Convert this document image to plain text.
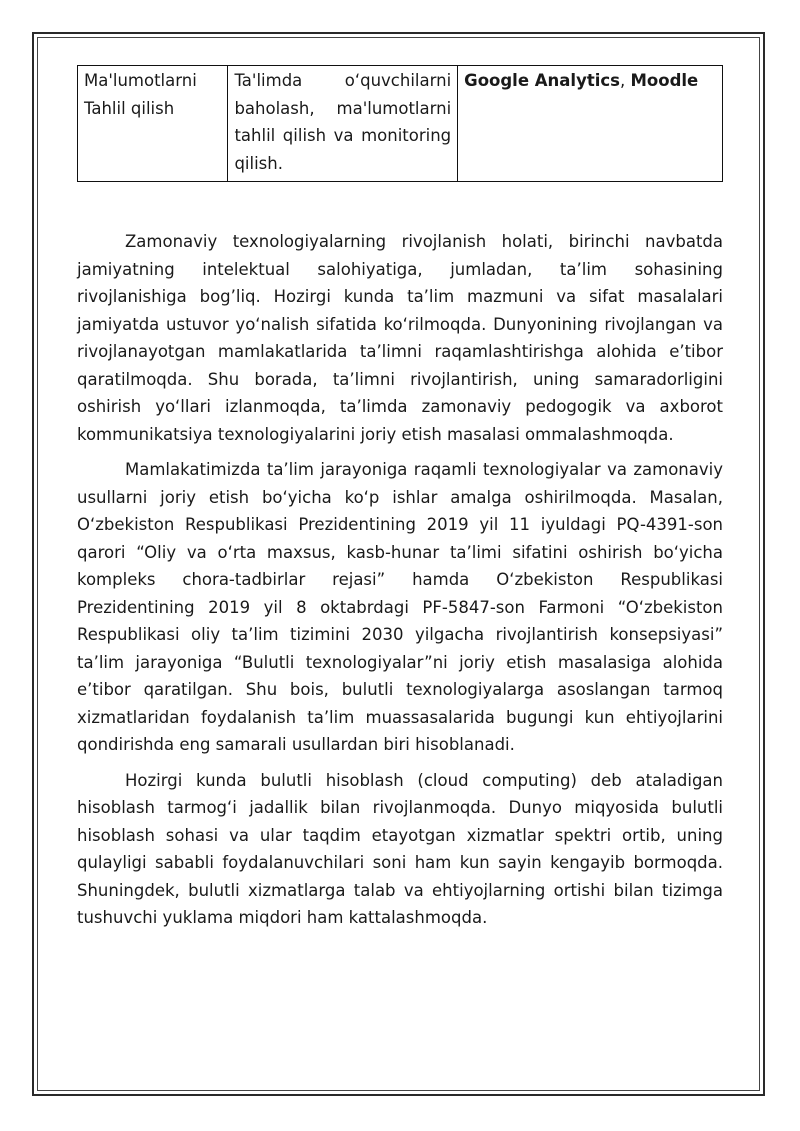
Ma'lumotlarni Tahlil qilish	Ta'limda o‘quvchilarni baholash, ma'lumotlarni tahlil qilish va monitoring qilish.	Google Analytics, Moodle

Zamonaviy texnologiyalarning rivojlanish holati, birinchi navbatda jamiyatning intelektual salohiyatiga, jumladan, ta’lim sohasining rivojlanishiga bog’liq. Hozirgi kunda ta’lim mazmuni va sifat masalalari jamiyatda ustuvor yo‘nalish sifatida ko‘rilmoqda. Dunyonining rivojlangan va rivojlanayotgan mamlakatlarida ta’limni raqamlashtirishga alohida e’tibor qaratilmoqda. Shu borada, ta’limni rivojlantirish, uning samaradorligini oshirish yo‘llari izlanmoqda, ta’limda zamonaviy pedogogik va axborot kommunikatsiya texnologiyalarini joriy etish masalasi ommalashmoqda.

Mamlakatimizda ta’lim jarayoniga raqamli texnologiyalar va zamonaviy usullarni joriy etish bo‘yicha ko‘p ishlar amalga oshirilmoqda. Masalan, O‘zbekiston Respublikasi Prezidentining 2019 yil 11 iyuldagi PQ-4391-son qarori “Oliy va o‘rta maxsus, kasb-hunar ta’limi sifatini oshirish bo‘yicha kompleks chora-tadbirlar rejasi” hamda O‘zbekiston Respublikasi Prezidentining 2019 yil 8 oktabrdagi PF-5847-son Farmoni “O‘zbekiston Respublikasi oliy ta’lim tizimini 2030 yilgacha rivojlantirish konsepsiyasi” ta’lim jarayoniga “Bulutli texnologiyalar”ni joriy etish masalasiga alohida e’tibor qaratilgan. Shu bois, bulutli texnologiyalarga asoslangan tarmoq xizmatlaridan foydalanish ta’lim muassasalarida bugungi kun ehtiyojlarini qondirishda eng samarali usullardan biri hisoblanadi.

Hozirgi kunda bulutli hisoblash (cloud computing) deb ataladigan hisoblash tarmog‘i jadallik bilan rivojlanmoqda. Dunyo miqyosida bulutli hisoblash sohasi va ular taqdim etayotgan xizmatlar spektri ortib, uning qulayligi sababli foydalanuvchilari soni ham kun sayin kengayib bormoqda. Shuningdek, bulutli xizmatlarga talab va ehtiyojlarning ortishi bilan tizimga tushuvchi yuklama miqdori ham kattalashmoqda.
